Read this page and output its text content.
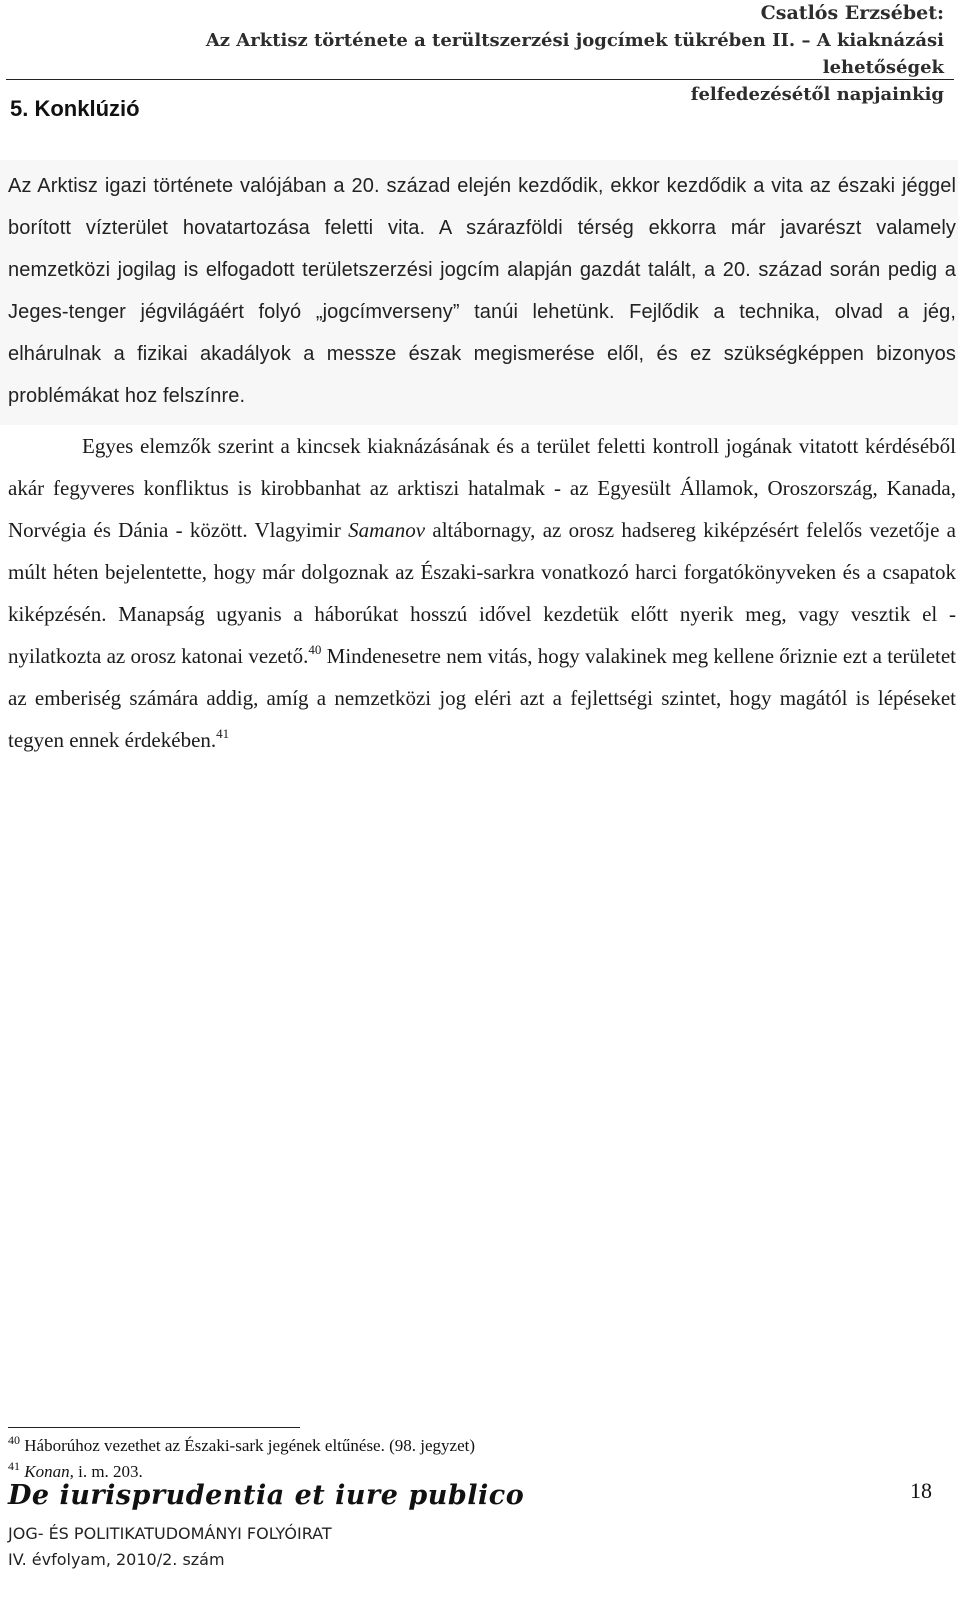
Csatlós Erzsébet:

Az Arktisz története a terültszerzési jogcímek tükrében II. – A kiaknázási lehetőségek

felfedezésétől napjainkig

5. Konklúzió

Az Arktisz igazi története valójában a 20. század elején kezdődik, ekkor kezdődik a vita az északi jéggel borított vízterület hovatartozása feletti vita. A szárazföldi térség ekkorra már javarészt valamely nemzetközi jogilag is elfogadott területszerzési jogcím alapján gazdát talált, a 20. század során pedig a Jeges-tenger jégvilágáért folyó „jogcímverseny” tanúi lehetünk. Fejlődik a technika, olvad a jég, elhárulnak a fizikai akadályok a messze észak megismerése elől, és ez szükségképpen bizonyos problémákat hoz felszínre.

Egyes elemzők szerint a kincsek kiaknázásának és a terület feletti kontroll jogának vitatott kérdéséből akár fegyveres konfliktus is kirobbanhat az arktiszi hatalmak - az Egyesült Államok, Oroszország, Kanada, Norvégia és Dánia - között. Vlagyimir Samanov altábornagy, az orosz hadsereg kiképzésért felelős vezetője a múlt héten bejelentette, hogy már dolgoznak az Északi-sarkra vonatkozó harci forgatókönyveken és a csapatok kiképzésén. Manapság ugyanis a háborúkat hosszú idővel kezdetük előtt nyerik meg, vagy vesztik el - nyilatkozta az orosz katonai vezető.$^{40}$ Mindenesetre nem vitás, hogy valakinek meg kellene őriznie ezt a területet az emberiség számára addig, amíg a nemzetközi jog eléri azt a fejlettségi szintet, hogy magától is lépéseket tegyen ennek érdekében.$^{41}$

$^{40}$ Háborúhoz vezethet az Északi-sark jegének eltűnése. (98. jegyzet)

$^{41}$ Konan, i. m. 203.

De iurisprudentia et iure publico

JOG- ÉS POLITIKATUDOMÁNYI FOLYÓIRAT

IV. évfolyam, 2010/2. szám

18
